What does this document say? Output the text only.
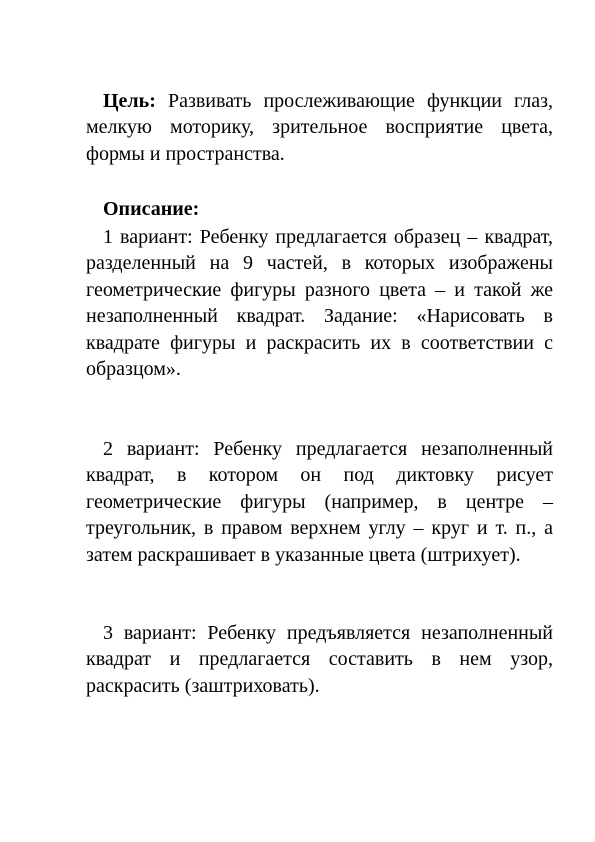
Цель: Развивать прослеживающие функции глаз, мелкую моторику, зрительное восприятие цвета, формы и пространства.

Описание:

1 вариант: Ребенку предлагается образец – квадрат, разделенный на 9 частей, в которых изображены геометрические фигуры разного цвета – и такой же незаполненный квадрат. Задание: «Нарисовать в квадрате фигуры и раскрасить их в соответствии с образцом».

2 вариант: Ребенку предлагается незаполненный квадрат, в котором он под диктовку рисует геометрические фигуры (например, в центре – треугольник, в правом верхнем углу – круг и т. п., а затем раскрашивает в указанные цвета (штрихует).

3 вариант: Ребенку предъявляется незаполненный квадрат и предлагается составить в нем узор, раскрасить (заштриховать).
